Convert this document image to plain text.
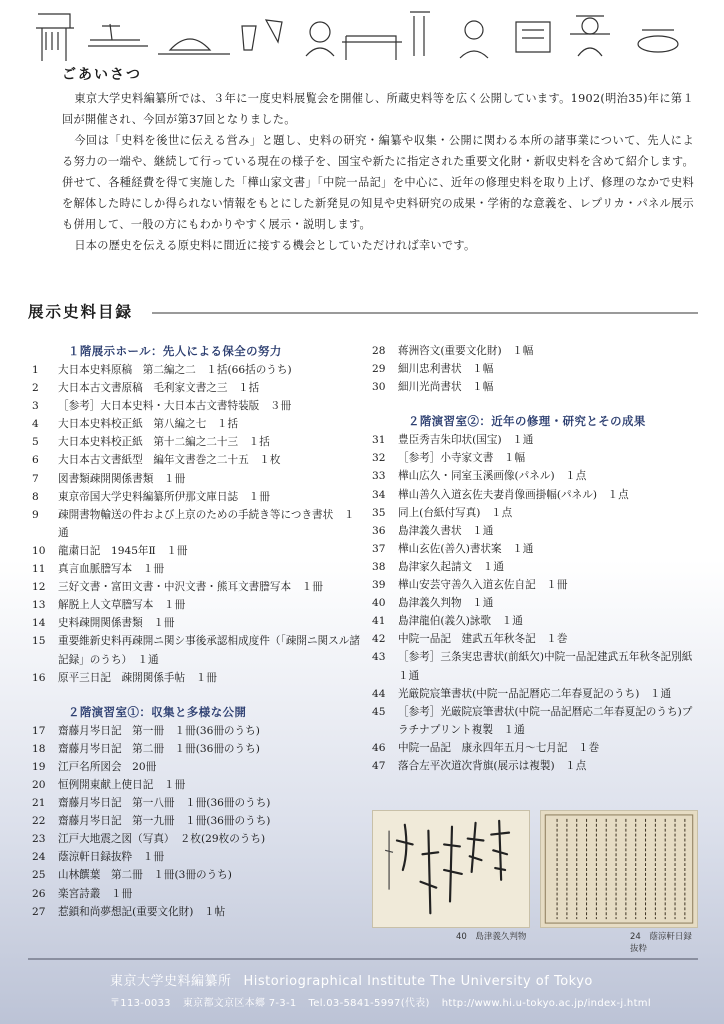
ごあいさつ

東京大学史料編纂所では、３年に一度史料展覧会を開催し、所蔵史料等を広く公開しています。1902(明治35)年に第１回が開催され、今回が第37回となりました。

今回は「史料を後世に伝える営み」と題し、史料の研究・編纂や収集・公開に関わる本所の諸事業について、先人による努力の一端や、継続して行っている現在の様子を、国宝や新たに指定された重要文化財・新収史料を含めて紹介します。併せて、各種経費を得て実施した「樺山家文書」「中院一品記」を中心に、近年の修理史料を取り上げ、修理のなかで史料を解体した時にしか得られない情報をもとにした新発見の知見や史料研究の成果・学術的な意義を、レプリカ・パネル展示も併用して、一般の方にもわかりやすく展示・説明します。

日本の歴史を伝える原史料に間近に接する機会としていただければ幸いです。

展示史料目録
１階展示ホール：先人による保全の努力
1	大日本史料原稿　第二編之二　１括(66括のうち)
2	大日本古文書原稿　毛利家文書之三　１括
3	［参考］大日本史料・大日本古文書特装版　３冊
4	大日本史料校正紙　第八編之七　１括
5	大日本史料校正紙　第十二編之二十三　１括
6	大日本古文書紙型　編年文書巻之二十五　１枚
7	図書類疎開関係書類　１冊
8	東京帝国大学史料編纂所伊那文庫日誌　１冊
9	疎開書物輸送の件および上京のための手続き等につき書状　１通
10	龍粛日記　1945年Ⅱ　１冊
11	真言血脈謄写本　１冊
12	三好文書・富田文書・中沢文書・熊耳文書謄写本　１冊
13	解脱上人文草謄写本　１冊
14	史料疎開関係書類　１冊
15	重要維新史料再疎開ニ関シ事後承認相成度件（「疎開ニ関スル諸記録」のうち）　１通
16	原平三日記　疎開関係手帖　１冊
２階演習室①：収集と多様な公開
17	齋藤月岑日記　第一冊　１冊(36冊のうち)
18	齋藤月岑日記　第二冊　１冊(36冊のうち)
19	江戸名所図会　20冊
20	恒例開東献上使日記　１冊
21	齋藤月岑日記　第一八冊　１冊(36冊のうち)
22	齋藤月岑日記　第一九冊　１冊(36冊のうち)
23	江戸大地震之図（写真）　２枚(29枚のうち)
24	蔭涼軒日録抜粋　１冊
25	山林饌葉　第二冊　１冊(3冊のうち)
26	楽宮詩叢　１冊
27	惹鎖和尚夢想記(重要文化財)　１帖
28	蒋洲咨文(重要文化財)　１幅
29	細川忠利書状　１幅
30	細川光尚書状　１幅
２階演習室②：近年の修理・研究とその成果
31	豊臣秀吉朱印状(国宝)　１通
32	［参考］小寺家文書　１幅
33	樺山広久・同室玉溪画像(パネル)　１点
34	樺山善久入道玄佐夫妻肖像画掛幅(パネル)　１点
35	同上(台紙付写真)　１点
36	島津義久書状　１通
37	樺山玄佐(善久)書状案　１通
38	島津家久起請文　１通
39	樺山安芸守善久入道玄佐自記　１冊
40	島津義久判物　１通
41	島津龍伯(義久)詠歌　１通
42	中院一品記　建武五年秋冬記　１巻
43	［参考］三条実忠書状(前紙欠)中院一品記建武五年秋冬記別紙　１通
44	光厳院宸筆書状(中院一品記暦応二年春夏記のうち)　１通
45	［参考］光厳院宸筆書状(中院一品記暦応二年春夏記のうち)プラチナプリント複製　１通
46	中院一品記　康永四年五月～七月記　１巻
47	落合左平次道次背旗(展示は複製)　１点
40　島津義久判物	24　蔭涼軒日録抜粋
東京大学史料編纂所 Historiographical Institute The University of Tokyo
〒113-0033 東京都文京区本郷 7-3-1 Tel.03-5841-5997(代表) http://www.hi.u-tokyo.ac.jp/index-j.html
